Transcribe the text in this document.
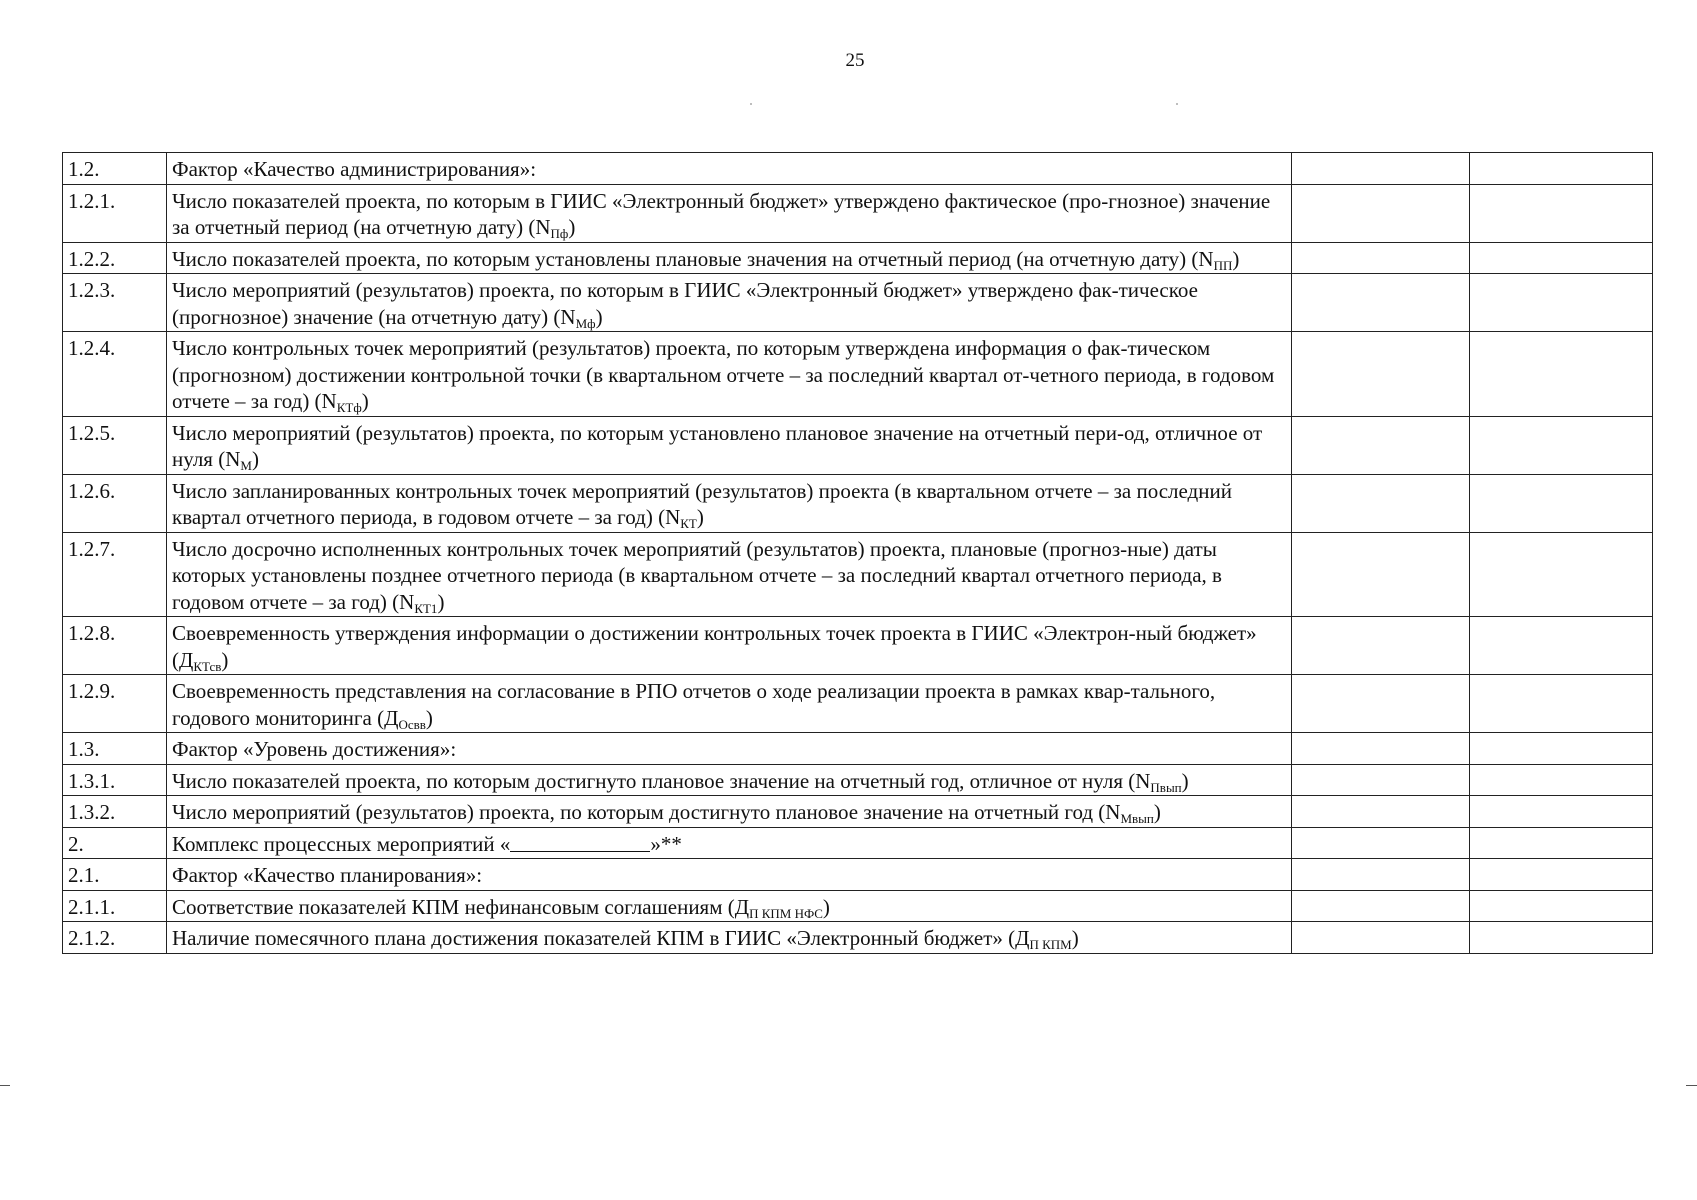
25
1.2.	Фактор «Качество администрирования»:		
1.2.1.	Число показателей проекта, по которым в ГИИС «Электронный бюджет» утверждено фактическое (про-гнозное) значение за отчетный период (на отчетную дату) $(N_{Пф})$		
1.2.2.	Число показателей проекта, по которым установлены плановые значения на отчетный период (на отчетную дату) $(N_{ПП})$		
1.2.3.	Число мероприятий (результатов) проекта, по которым в ГИИС «Электронный бюджет» утверждено фак-тическое (прогнозное) значение (на отчетную дату) $(N_{Мф})$		
1.2.4.	Число контрольных точек мероприятий (результатов) проекта, по которым утверждена информация о фак-тическом (прогнозном) достижении контрольной точки (в квартальном отчете – за последний квартал от-четного периода, в годовом отчете – за год) $(N_{КТф})$		
1.2.5.	Число мероприятий (результатов) проекта, по которым установлено плановое значение на отчетный пери-од, отличное от нуля $(N_М)$		
1.2.6.	Число запланированных контрольных точек мероприятий (результатов) проекта (в квартальном отчете – за последний квартал отчетного периода, в годовом отчете – за год) $(N_{КТ})$		
1.2.7.	Число досрочно исполненных контрольных точек мероприятий (результатов) проекта, плановые (прогноз-ные) даты которых установлены позднее отчетного периода (в квартальном отчете – за последний квартал отчетного периода, в годовом отчете – за год) $(N_{КТ1})$		
1.2.8.	Своевременность утверждения информации о достижении контрольных точек проекта в ГИИС «Электрон-ный бюджет» $(Д_{КТсв})$		
1.2.9.	Своевременность представления на согласование в РПО отчетов о ходе реализации проекта в рамках квар-тального, годового мониторинга $(Д_{Освв})$		
1.3.	Фактор «Уровень достижения»:		
1.3.1.	Число показателей проекта, по которым достигнуто плановое значение на отчетный год, отличное от нуля $(N_{Пвып})$		
1.3.2.	Число мероприятий (результатов) проекта, по которым достигнуто плановое значение на отчетный год $(N_{Мвып})$		
2.	Комплекс процессных мероприятий « »**		
2.1.	Фактор «Качество планирования»:		
2.1.1.	Соответствие показателей КПМ нефинансовым соглашениям $(Д_{П КПМ НФС})$		
2.1.2.	Наличие помесячного плана достижения показателей КПМ в ГИИС «Электронный бюджет» $(Д_{П КПМ})$		
